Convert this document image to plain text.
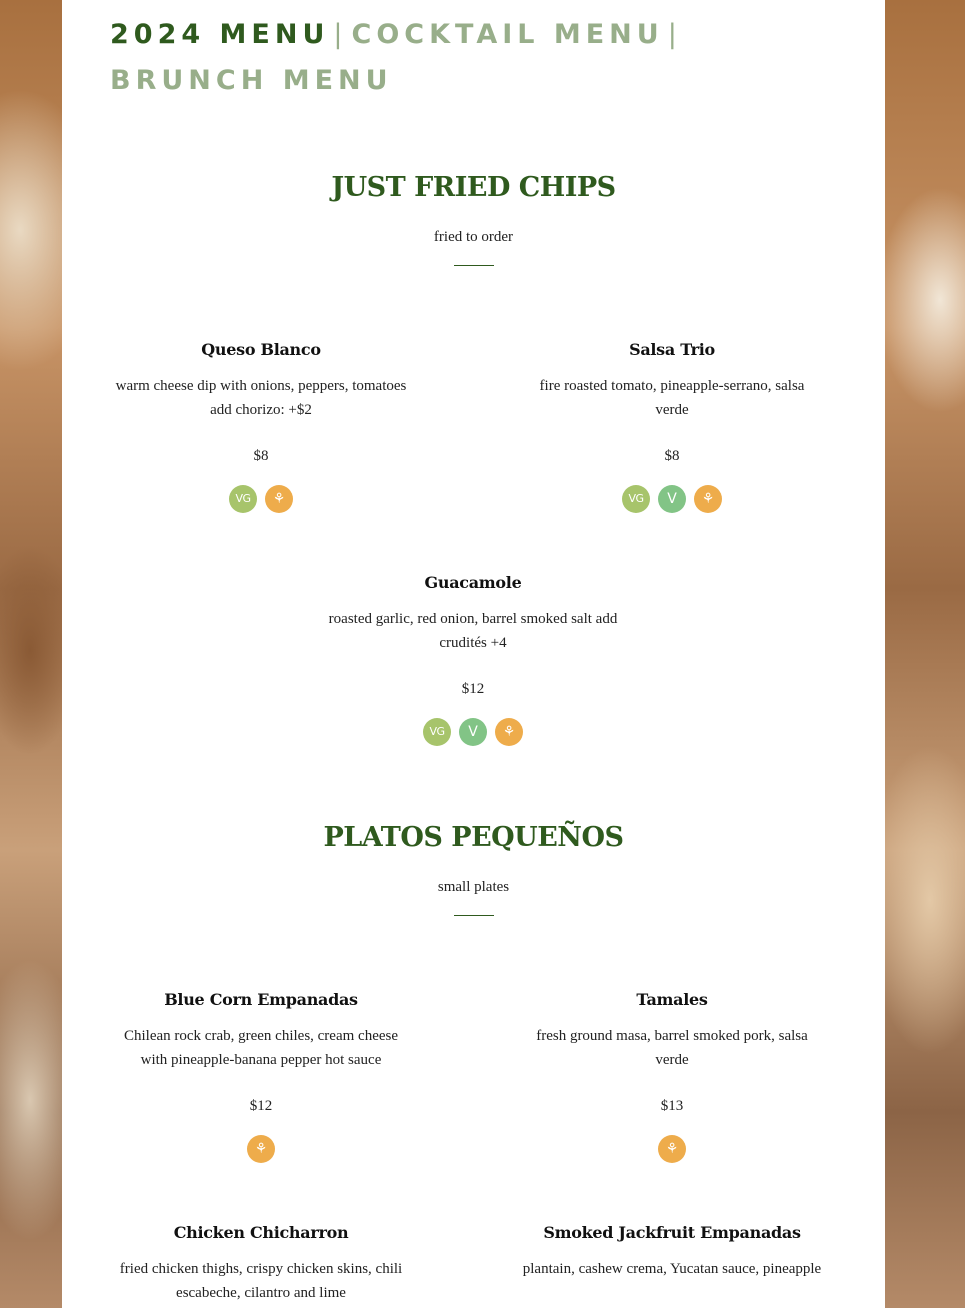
2024 MENU | COCKTAIL MENU |
BRUNCH MENU
JUST FRIED CHIPS
fried to order
Queso Blanco
warm cheese dip with onions, peppers, tomatoes add chorizo: +$2
$8
VG	⚘
Salsa Trio
fire roasted tomato, pineapple-serrano, salsa verde
$8
VG	V	⚘
Guacamole
roasted garlic, red onion, barrel smoked salt add crudités +4
$12
VG	V	⚘
PLATOS PEQUEÑOS
small plates
Blue Corn Empanadas
Chilean rock crab, green chiles, cream cheese with pineapple-banana pepper hot sauce
$12
⚘
Tamales
fresh ground masa, barrel smoked pork, salsa verde
$13
⚘
Chicken Chicharron
fried chicken thighs, crispy chicken skins, chili escabeche, cilantro and lime
Smoked Jackfruit Empanadas
plantain, cashew crema, Yucatan sauce, pineapple
